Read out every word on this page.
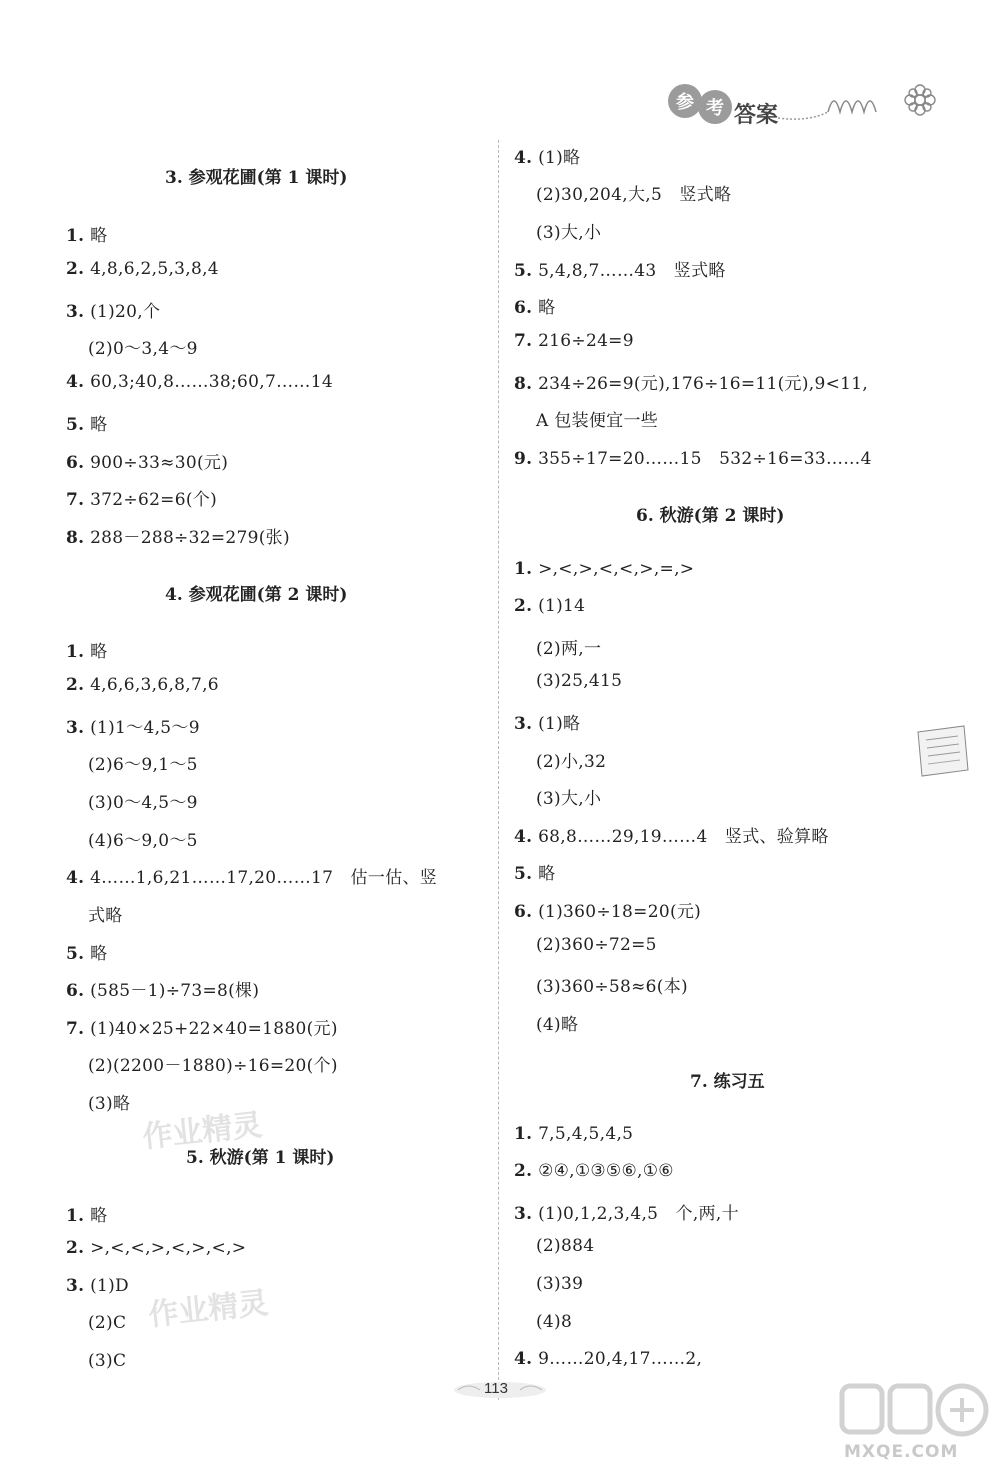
参 考 答案
3. 参观花圃(第 1 课时)
1. 略
2. 4,8,6,2,5,3,8,4
3. (1)20,个
(2)0～3,4～9
4. 60,3;40,8……38;60,7……14
5. 略
6. 900÷33≈30(元)
7. 372÷62=6(个)
8. 288－288÷32=279(张)
4. 参观花圃(第 2 课时)
1. 略
2. 4,6,6,3,6,8,7,6
3. (1)1～4,5～9
(2)6～9,1～5
(3)0～4,5～9
(4)6～9,0～5
4. 4……1,6,21……17,20……17　估一估、竖
式略
5. 略
6. (585－1)÷73=8(棵)
7. (1)40×25+22×40=1880(元)
(2)(2200－1880)÷16=20(个)
(3)略
作业精灵
5. 秋游(第 1 课时)
1. 略
2. >,<,<,>,<,>,<,>
3. (1)D 作业精灵
(2)C
(3)C
4. (1)略
(2)30,204,大,5　竖式略
(3)大,小
5. 5,4,8,7……43　竖式略
6. 略
7. 216÷24=9
8. 234÷26=9(元),176÷16=11(元),9<11,
A 包装便宜一些
9. 355÷17=20……15　532÷16=33……4
6. 秋游(第 2 课时)
1. >,<,>,<,<,>,=,>
2. (1)14
(2)两,一
(3)25,415
3. (1)略
(2)小,32
(3)大,小
4. 68,8……29,19……4　竖式、验算略
5. 略
6. (1)360÷18=20(元)
(2)360÷72=5
(3)360÷58≈6(本)
(4)略
7. 练习五
1. 7,5,4,5,4,5
2. ②④,①③⑤⑥,①⑥
3. (1)0,1,2,3,4,5　个,两,十
(2)884
(3)39
(4)8
4. 9……20,4,17……2,
113
MXQE.COM
